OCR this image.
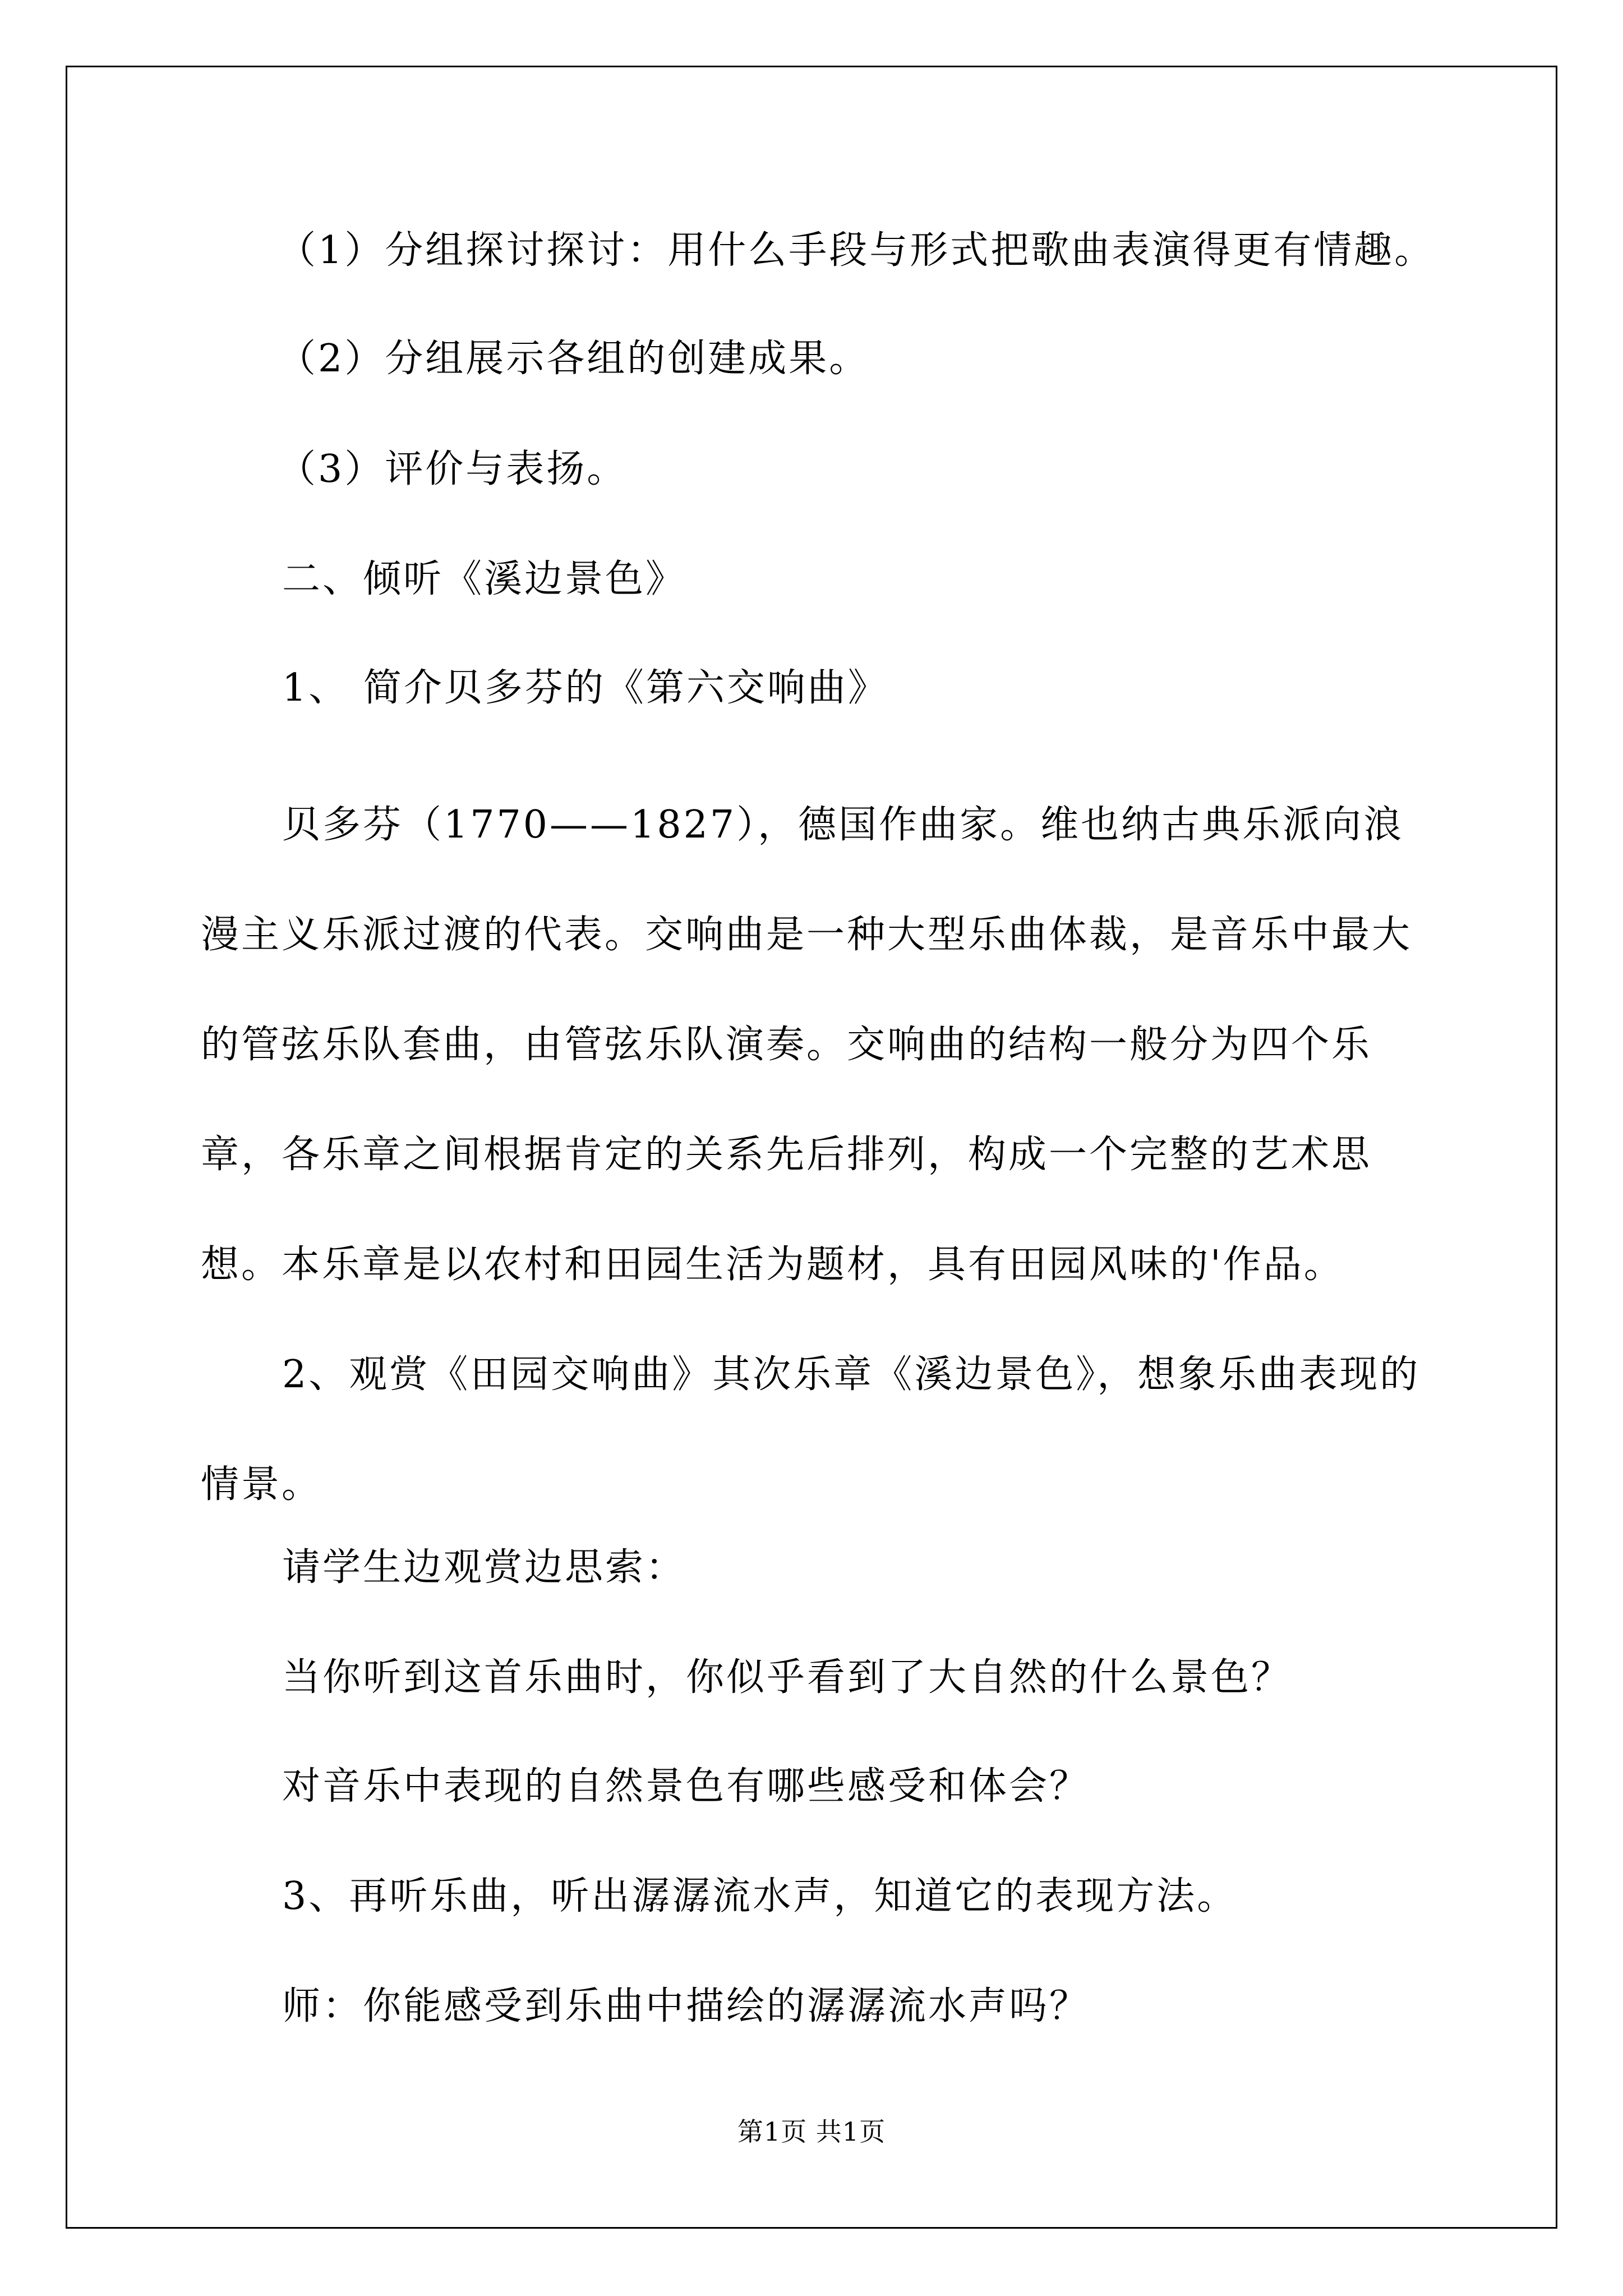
（1）分组探讨探讨：用什么手段与形式把歌曲表演得更有情趣。

（2）分组展示各组的创建成果。

（3）评价与表扬。

二、倾听《溪边景色》

1、 简介贝多芬的《第六交响曲》

贝多芬（1770——1827），德国作曲家。维也纳古典乐派向浪漫主义乐派过渡的代表。交响曲是一种大型乐曲体裁，是音乐中最大的管弦乐队套曲，由管弦乐队演奏。交响曲的结构一般分为四个乐章，各乐章之间根据肯定的关系先后排列，构成一个完整的艺术思想。本乐章是以农村和田园生活为题材，具有田园风味的'作品。

2、观赏《田园交响曲》其次乐章《溪边景色》，想象乐曲表现的情景。

请学生边观赏边思索：

当你听到这首乐曲时，你似乎看到了大自然的什么景色？

对音乐中表现的自然景色有哪些感受和体会？

3、再听乐曲，听出潺潺流水声，知道它的表现方法。

师：你能感受到乐曲中描绘的潺潺流水声吗？

第1页 共1页
